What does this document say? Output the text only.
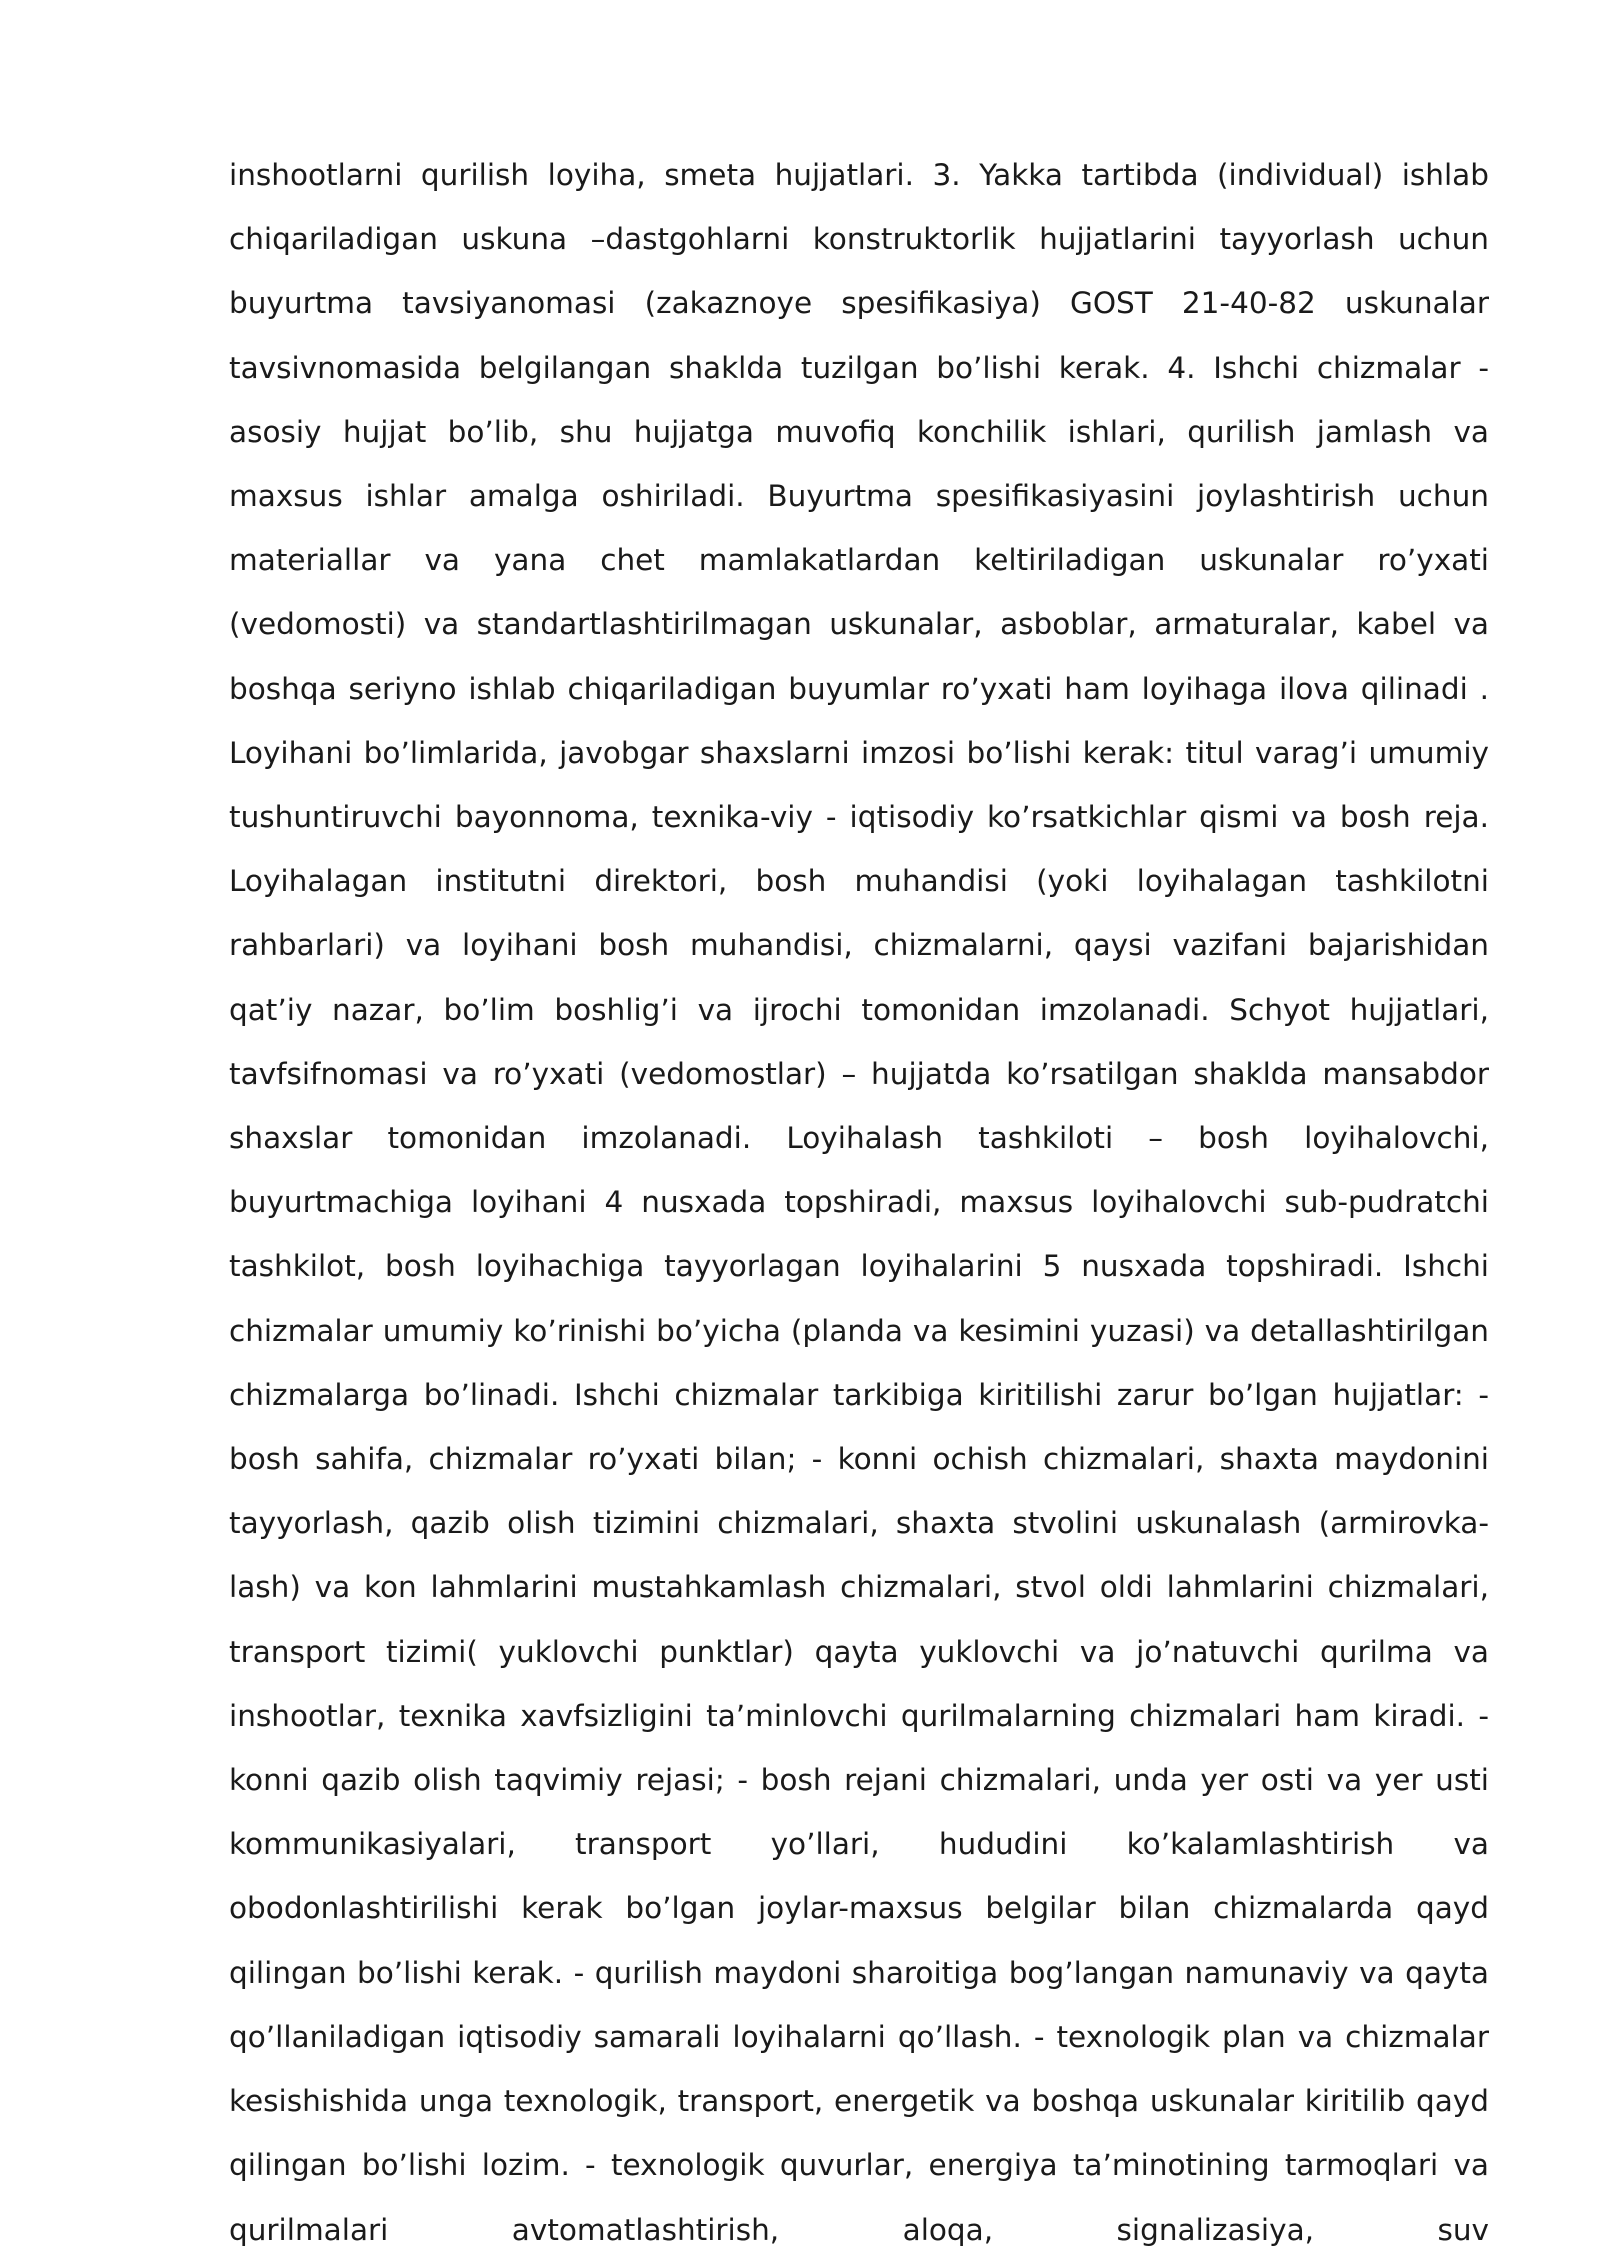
inshootlarni qurilish loyiha, smeta hujjatlari. 3. Yakka tartibda (individual) ishlab chiqariladigan uskuna –dastgohlarni konstruktorlik hujjatlarini tayyorlash uchun buyurtma tavsiyanomasi (zakaznoye spesifikasiya) GOST 21-40-82 uskunalar tavsivnomasida belgilangan shaklda tuzilgan bo’lishi kerak. 4. Ishchi chizmalar - asosiy hujjat bo’lib, shu hujjatga muvofiq konchilik ishlari, qurilish jamlash va maxsus ishlar amalga oshiriladi. Buyurtma spesifikasiyasini joylashtirish uchun materiallar va yana chet mamlakatlardan keltiriladigan uskunalar ro’yxati (vedomosti) va standartlashtirilmagan uskunalar, asboblar, armaturalar, kabel va boshqa seriyno ishlab chiqariladigan buyumlar ro’yxati ham loyihaga ilova qilinadi . Loyihani bo’limlarida, javobgar shaxslarni imzosi bo’lishi kerak: titul varag’i umumiy tushuntiruvchi bayonnoma, texnika-viy - iqtisodiy ko’rsatkichlar qismi va bosh reja. Loyihalagan institutni direktori, bosh muhandisi (yoki loyihalagan tashkilotni rahbarlari) va loyihani bosh muhandisi, chizmalarni, qaysi vazifani bajarishidan qat’iy nazar, bo’lim boshlig’i va ijrochi tomonidan imzolanadi. Schyot hujjatlari, tavfsifnomasi va ro’yxati (vedomostlar) – hujjatda ko’rsatilgan shaklda mansabdor shaxslar tomonidan imzolanadi. Loyihalash tashkiloti – bosh loyihalovchi, buyurtmachiga loyihani 4 nusxada topshiradi, maxsus loyihalovchi sub-pudratchi tashkilot, bosh loyihachiga tayyorlagan loyihalarini 5 nusxada topshiradi. Ishchi chizmalar umumiy ko’rinishi bo’yicha (planda va kesimini yuzasi) va detallashtirilgan chizmalarga bo’linadi. Ishchi chizmalar tarkibiga kiritilishi zarur bo’lgan hujjatlar: - bosh sahifa, chizmalar ro’yxati bilan; - konni ochish chizmalari, shaxta maydonini tayyorlash, qazib olish tizimini chizmalari, shaxta stvolini uskunalash (armirovka-lash) va kon lahmlarini mustahkamlash chizmalari, stvol oldi lahmlarini chizmalari, transport tizimi( yuklovchi punktlar) qayta yuklovchi va jo’natuvchi qurilma va inshootlar, texnika xavfsizligini ta’minlovchi qurilmalarning chizmalari ham kiradi. - konni qazib olish taqvimiy rejasi; - bosh rejani chizmalari, unda yer osti va yer usti kommunikasiyalari, transport yo’llari, hududini ko’kalamlashtirish va obodonlashtirilishi kerak bo’lgan joylar-maxsus belgilar bilan chizmalarda qayd qilingan bo’lishi kerak. - qurilish maydoni sharoitiga bog’langan namunaviy va qayta qo’llaniladigan iqtisodiy samarali loyihalarni qo’llash. - texnologik plan va chizmalar kesishishida unga texnologik, transport, energetik va boshqa uskunalar kiritilib qayd qilingan bo’lishi lozim. - texnologik quvurlar, energiya ta’minotining tarmoqlari va qurilmalari avtomatlashtirish, aloqa, signalizasiya, suv
